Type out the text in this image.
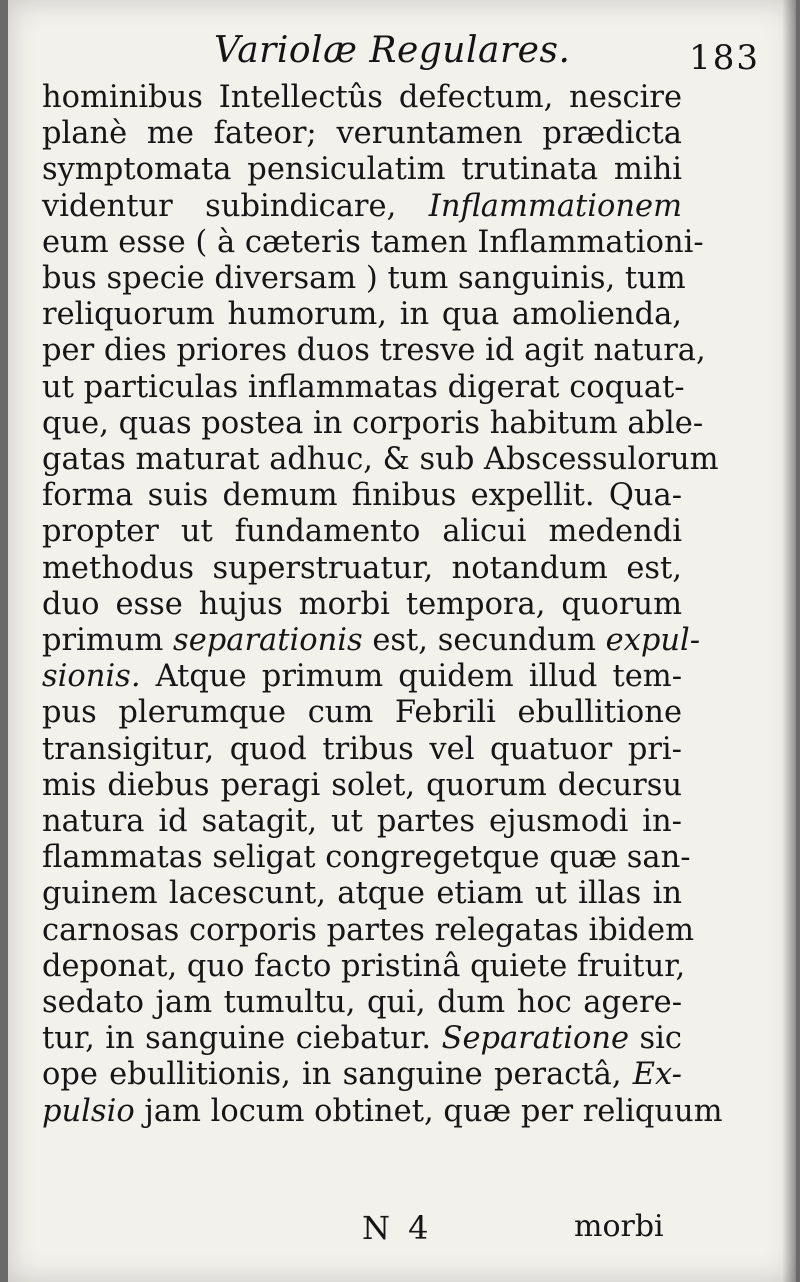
Variolæ Regulares.	183
hominibus Intellectûs defectum, nescire
planè me fateor; veruntamen prædicta
symptomata pensiculatim trutinata mihi
videntur subindicare, Inflammationem
eum esse ( à cæteris tamen Inflammationi-
bus specie diversam ) tum sanguinis, tum
reliquorum humorum, in qua amolienda,
per dies priores duos tresve id agit natura,
ut particulas inflammatas digerat coquat-
que, quas postea in corporis habitum able-
gatas maturat adhuc, & sub Abscessulorum
forma suis demum finibus expellit. Qua-
propter ut fundamento alicui medendi
methodus superstruatur, notandum est,
duo esse hujus morbi tempora, quorum
primum separationis est, secundum expul-
sionis. Atque primum quidem illud tem-
pus plerumque cum Febrili ebullitione
transigitur, quod tribus vel quatuor pri-
mis diebus peragi solet, quorum decursu
natura id satagit, ut partes ejusmodi in-
flammatas seligat congregetque quæ san-
guinem lacescunt, atque etiam ut illas in
carnosas corporis partes relegatas ibidem
deponat, quo facto pristinâ quiete fruitur,
sedato jam tumultu, qui, dum hoc agere-
tur, in sanguine ciebatur. Separatione sic
ope ebullitionis, in sanguine peractâ, Ex-
pulsio jam locum obtinet, quæ per reliquum
N 4	morbi
